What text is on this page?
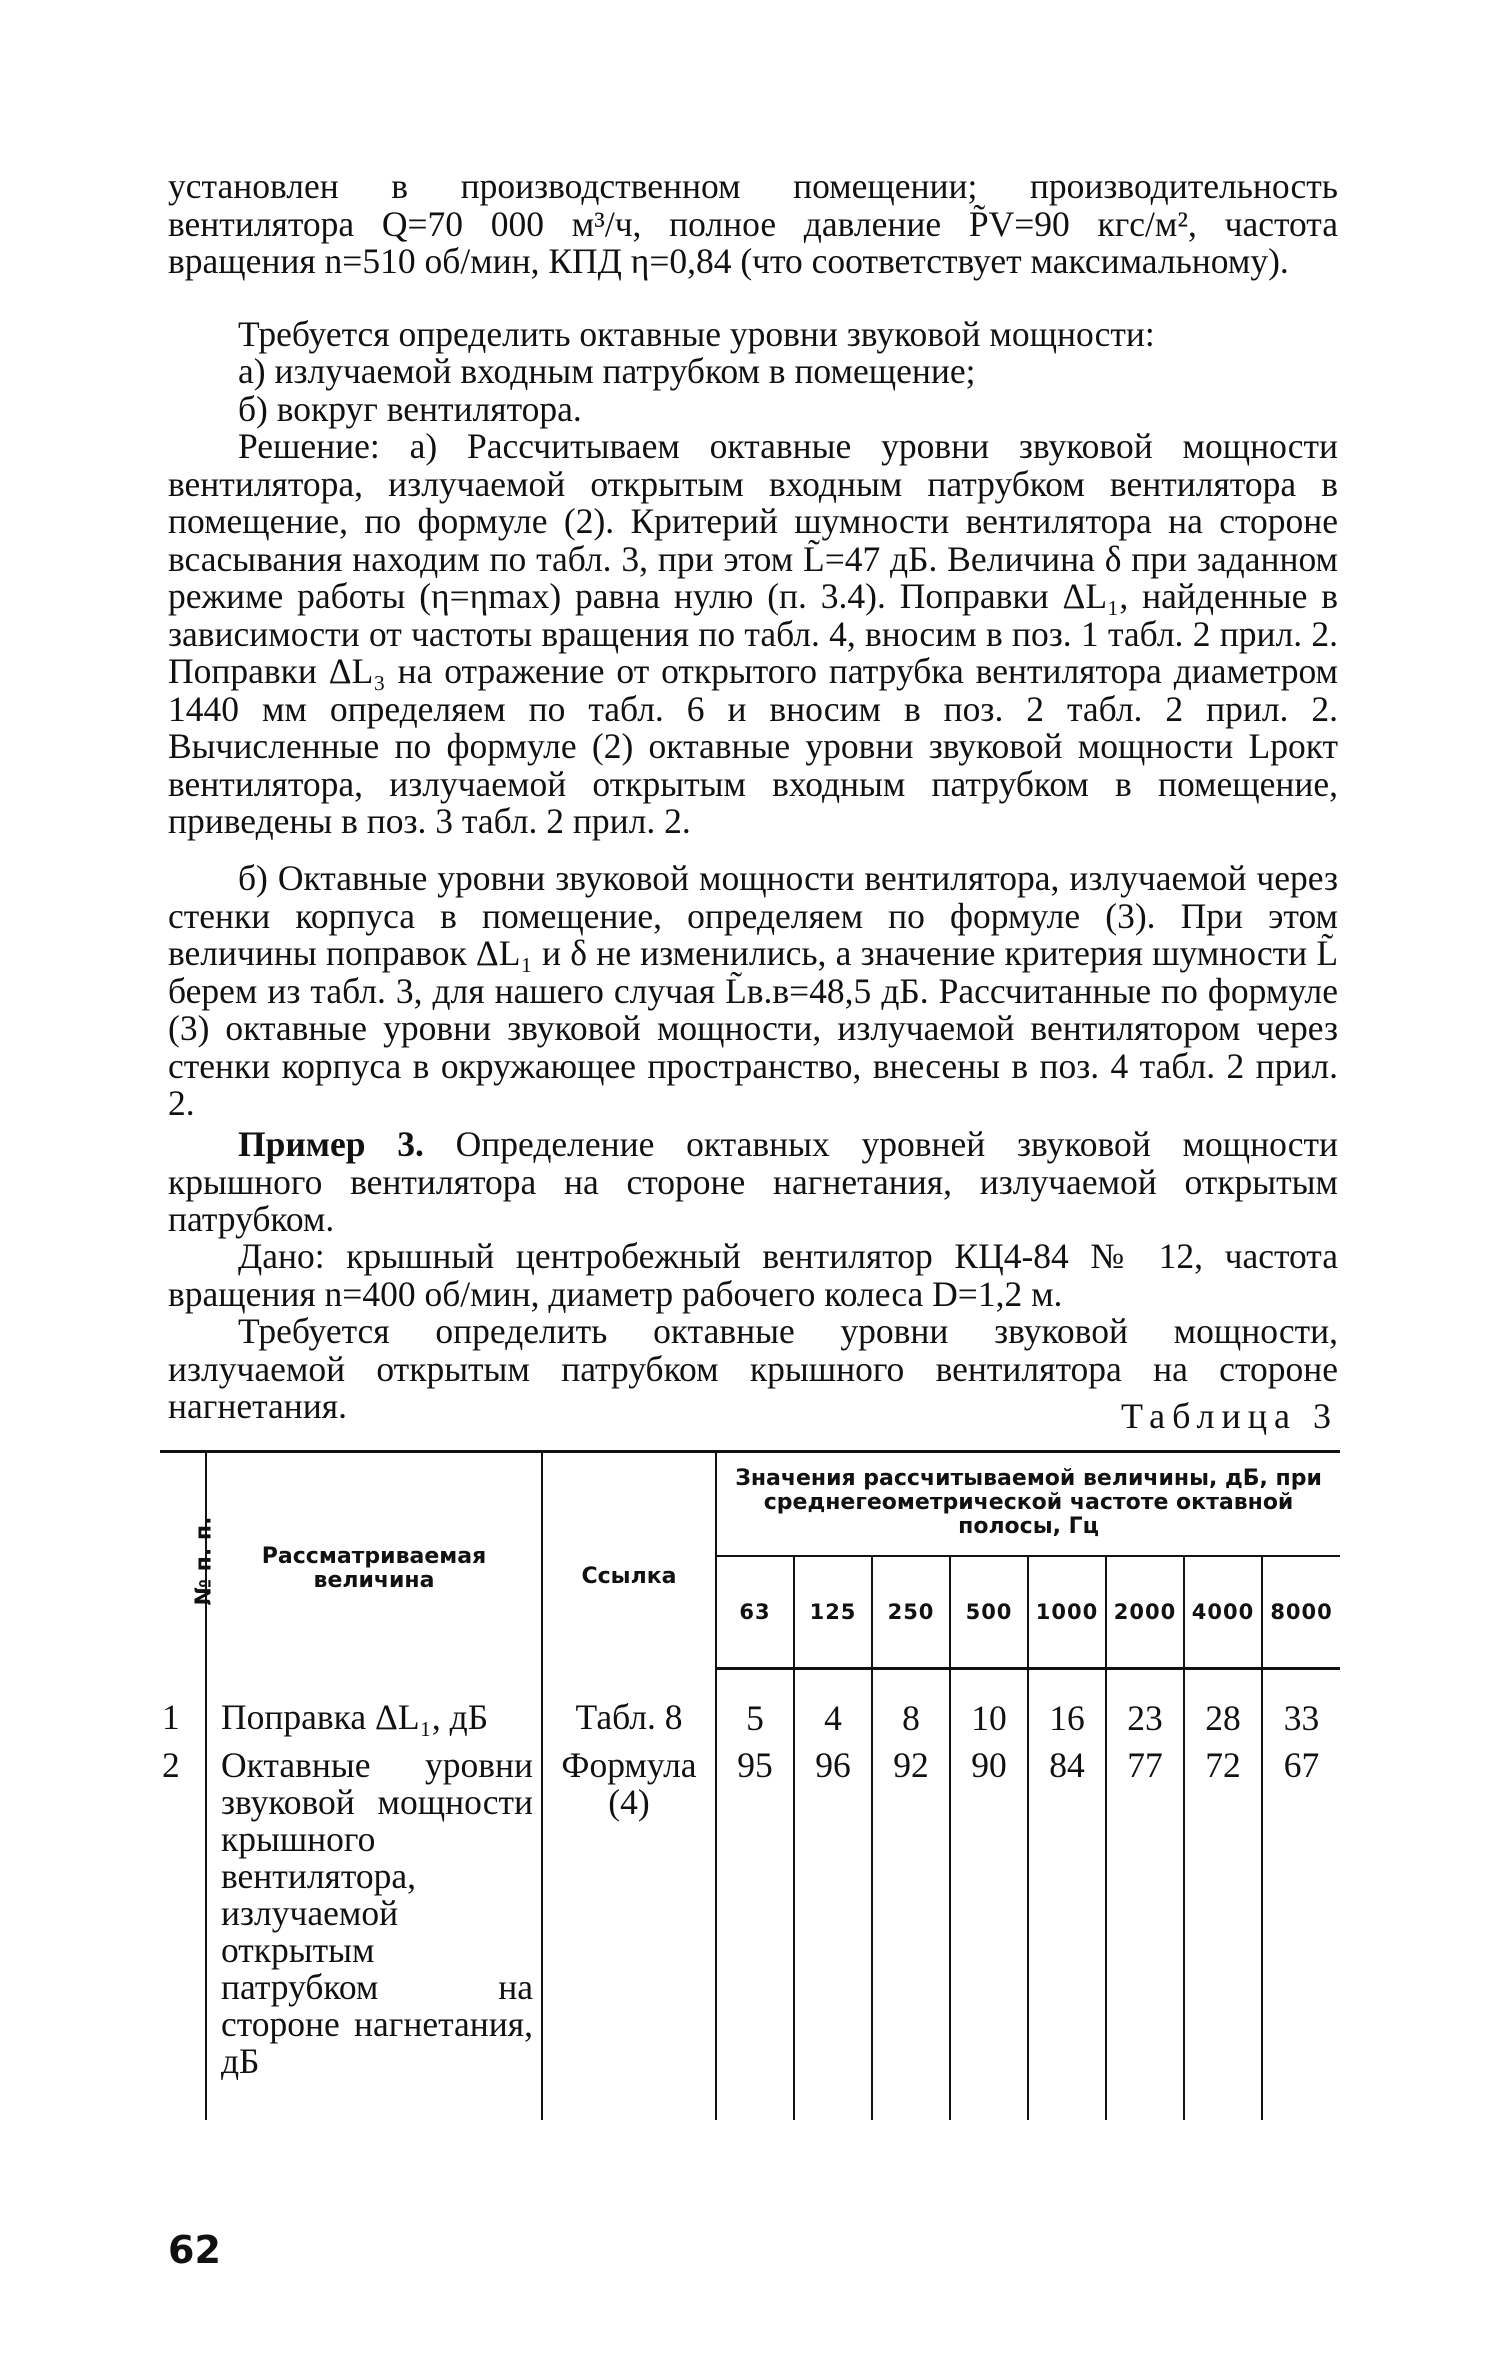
установлен в производственном помещении; производительность вентилятора Q=70 000 м³/ч, полное давление P̃V=90 кгс/м², частота вращения n=510 об/мин, КПД η=0,84 (что соответствует максимальному).

Требуется определить октавные уровни звуковой мощности:

а) излучаемой входным патрубком в помещение;

б) вокруг вентилятора.

Решение: а) Рассчитываем октавные уровни звуковой мощности вентилятора, излучаемой открытым входным патрубком вентилятора в помещение, по формуле (2). Критерий шумности вентилятора на стороне всасывания находим по табл. 3, при этом L̃=47 дБ. Величина δ при заданном режиме работы (η=ηmax) равна нулю (п. 3.4). Поправки ΔL₁, найденные в зависимости от частоты вращения по табл. 4, вносим в поз. 1 табл. 2 прил. 2. Поправки ΔL₃ на отражение от открытого патрубка вентилятора диаметром 1440 мм определяем по табл. 6 и вносим в поз. 2 табл. 2 прил. 2. Вычисленные по формуле (2) октавные уровни звуковой мощности Lpокт вентилятора, излучаемой открытым входным патрубком в помещение, приведены в поз. 3 табл. 2 прил. 2.

б) Октавные уровни звуковой мощности вентилятора, излучаемой через стенки корпуса в помещение, определяем по формуле (3). При этом величины поправок ΔL₁ и δ не изменились, а значение критерия шумности L̃ берем из табл. 3, для нашего случая L̃в.в=48,5 дБ. Рассчитанные по формуле (3) октавные уровни звуковой мощности, излучаемой вентилятором через стенки корпуса в окружающее пространство, внесены в поз. 4 табл. 2 прил. 2.

Пример 3. Определение октавных уровней звуковой мощности крышного вентилятора на стороне нагнетания, излучаемой открытым патрубком.

Дано: крышный центробежный вентилятор КЦ4-84 № 12, частота вращения n=400 об/мин, диаметр рабочего колеса D=1,2 м.

Требуется определить октавные уровни звуковой мощности, излучаемой открытым патрубком крышного вентилятора на стороне нагнетания.	Таблица 3

№ п. п.	Рассматриваемая величина	Ссылка	Значения рассчитываемой величины, дБ, при среднегеометрической частоте октавной полосы, Гц							
			63	125	250	500	1000	2000	4000	8000
1	Поправка ΔL₁, дБ	Табл. 8	5	4	8	10	16	23	28	33
2	Октавные уровни звуковой мощности крышного вентилятора, излучаемой открытым патрубком на стороне нагнетания, дБ	Формула (4)	95	96	92	90	84	77	72	67

62
